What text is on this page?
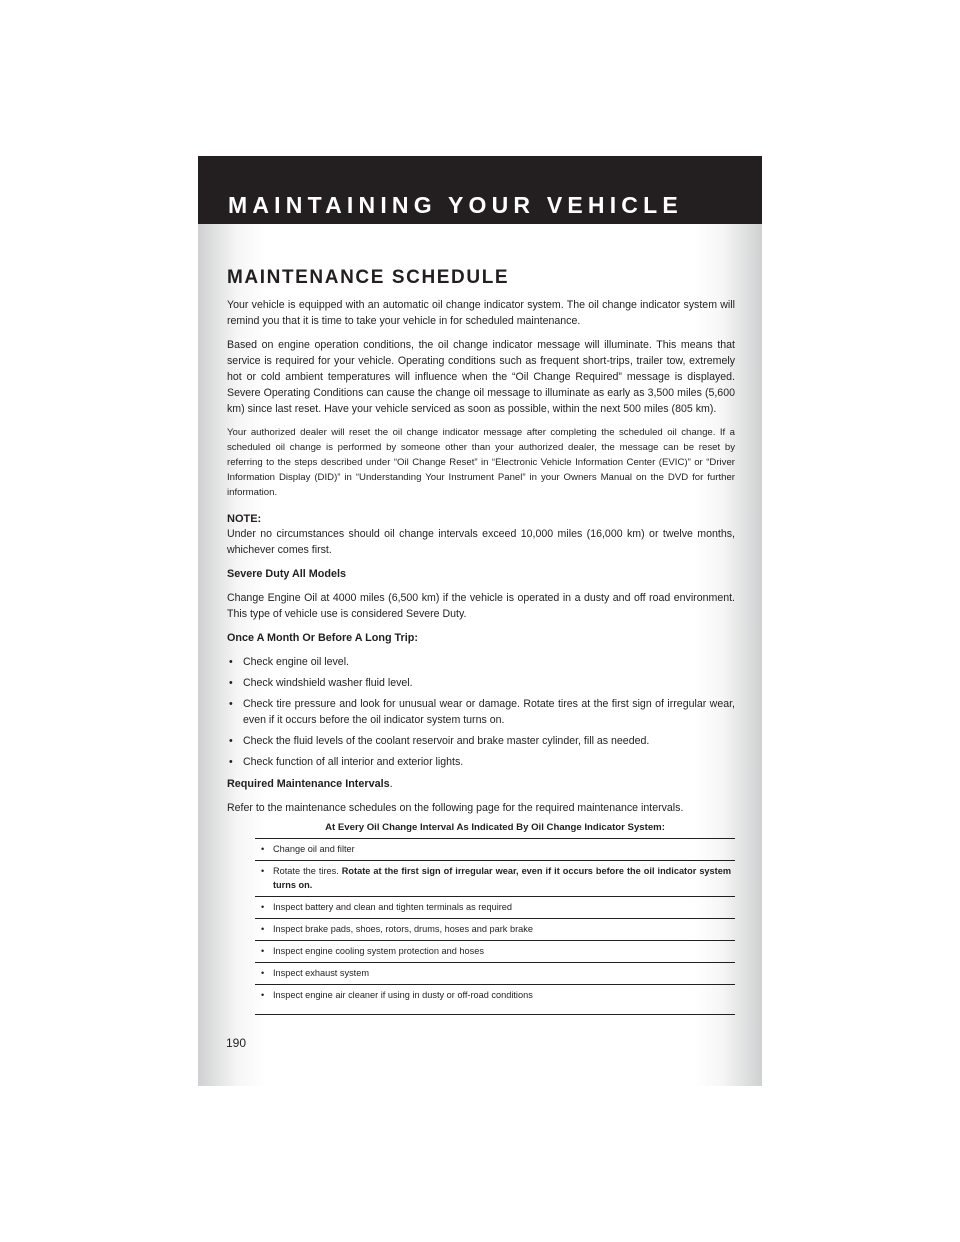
MAINTAINING YOUR VEHICLE
MAINTENANCE SCHEDULE

Your vehicle is equipped with an automatic oil change indicator system. The oil change indicator system will remind you that it is time to take your vehicle in for scheduled maintenance.

Based on engine operation conditions, the oil change indicator message will illuminate. This means that service is required for your vehicle. Operating conditions such as frequent short-trips, trailer tow, extremely hot or cold ambient temperatures will influence when the “Oil Change Required” message is displayed. Severe Operating Conditions can cause the change oil message to illuminate as early as 3,500 miles (5,600 km) since last reset. Have your vehicle serviced as soon as possible, within the next 500 miles (805 km).

Your authorized dealer will reset the oil change indicator message after completing the scheduled oil change. If a scheduled oil change is performed by someone other than your authorized dealer, the message can be reset by referring to the steps described under “Oil Change Reset” in “Electronic Vehicle Information Center (EVIC)” or “Driver Information Display (DID)” in “Understanding Your Instrument Panel” in your Owners Manual on the DVD for further information.

NOTE:

Under no circumstances should oil change intervals exceed 10,000 miles (16,000 km) or twelve months, whichever comes first.

Severe Duty All Models

Change Engine Oil at 4000 miles (6,500 km) if the vehicle is operated in a dusty and off road environment. This type of vehicle use is considered Severe Duty.

Once A Month Or Before A Long Trip:
• Check engine oil level.
• Check windshield washer fluid level.
• Check tire pressure and look for unusual wear or damage. Rotate tires at the first sign of irregular wear, even if it occurs before the oil indicator system turns on.
• Check the fluid levels of the coolant reservoir and brake master cylinder, fill as needed.
• Check function of all interior and exterior lights.
Required Maintenance Intervals.

Refer to the maintenance schedules on the following page for the required maintenance intervals.

At Every Oil Change Interval As Indicated By Oil Change Indicator System:

• Change oil and filter

• Rotate the tires. Rotate at the first sign of irregular wear, even if it occurs before the oil indicator system turns on.

• Inspect battery and clean and tighten terminals as required

• Inspect brake pads, shoes, rotors, drums, hoses and park brake

• Inspect engine cooling system protection and hoses

• Inspect exhaust system

• Inspect engine air cleaner if using in dusty or off-road conditions
190
